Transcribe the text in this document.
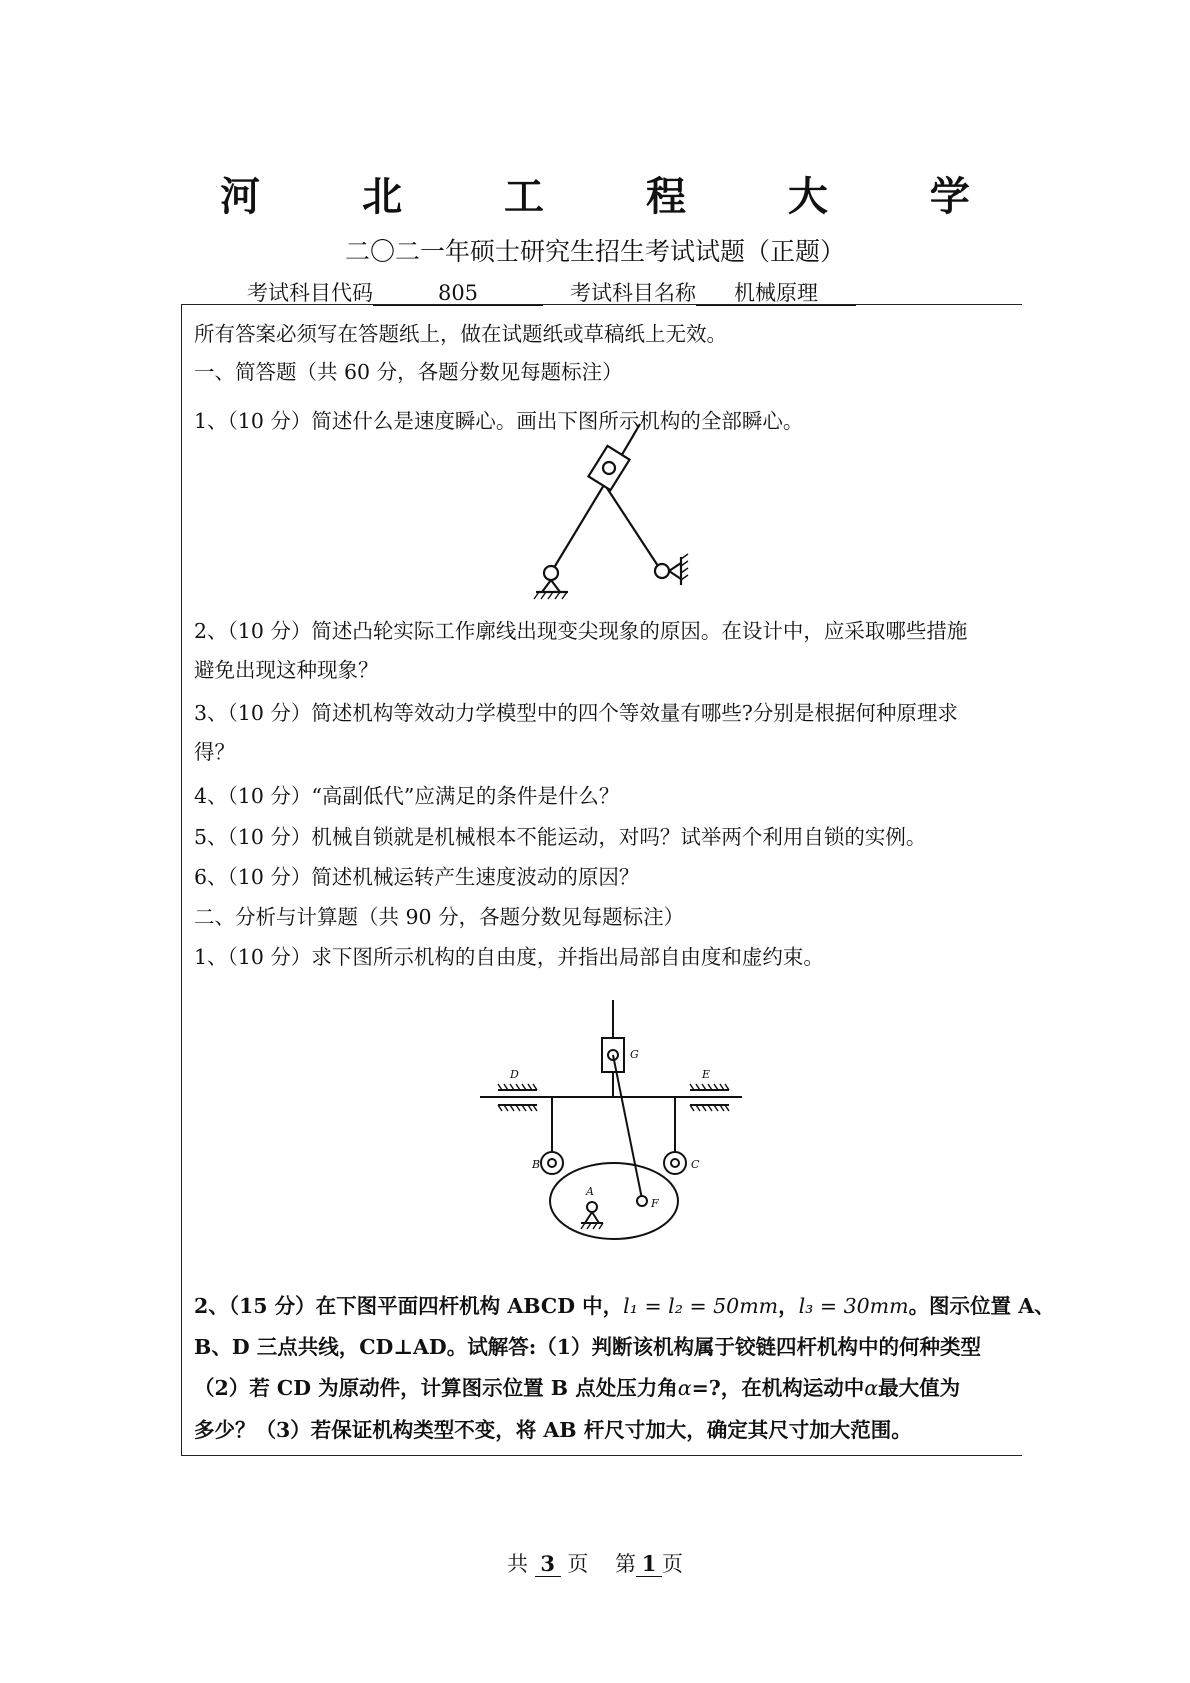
河 北 工 程 大 学
二〇二一年硕士研究生招生考试试题（正题）
考试科目代码	805	考试科目名称 机械原理
所有答案必须写在答题纸上，做在试题纸或草稿纸上无效。
一、简答题（共 60 分，各题分数见每题标注）
1、（10 分）简述什么是速度瞬心。画出下图所示机构的全部瞬心。
2、（10 分）简述凸轮实际工作廓线出现变尖现象的原因。在设计中，应采取哪些措施
避免出现这种现象？
3、（10 分）简述机构等效动力学模型中的四个等效量有哪些?分别是根据何种原理求
得？
4、（10 分）“高副低代”应满足的条件是什么？
5、（10 分）机械自锁就是机械根本不能运动，对吗？试举两个利用自锁的实例。
6、（10 分）简述机械运转产生速度波动的原因？
二、分析与计算题（共 90 分，各题分数见每题标注）
1、（10 分）求下图所示机构的自由度，并指出局部自由度和虚约束。
G
D	E
B	C
A
F
2、（15 分）在下图平面四杆机构 ABCD 中，l₁ = l₂ = 50mm，l₃ = 30mm。图示位置 A、
B、D 三点共线，CD⊥AD。试解答:（1）判断该机构属于铰链四杆机构中的何种类型
（2）若 CD 为原动件，计算图示位置 B 点处压力角α=?，在机构运动中α最大值为
多少？（3）若保证机构类型不变，将 AB 杆尺寸加大，确定其尺寸加大范围。
共 3 页 第 1 页
